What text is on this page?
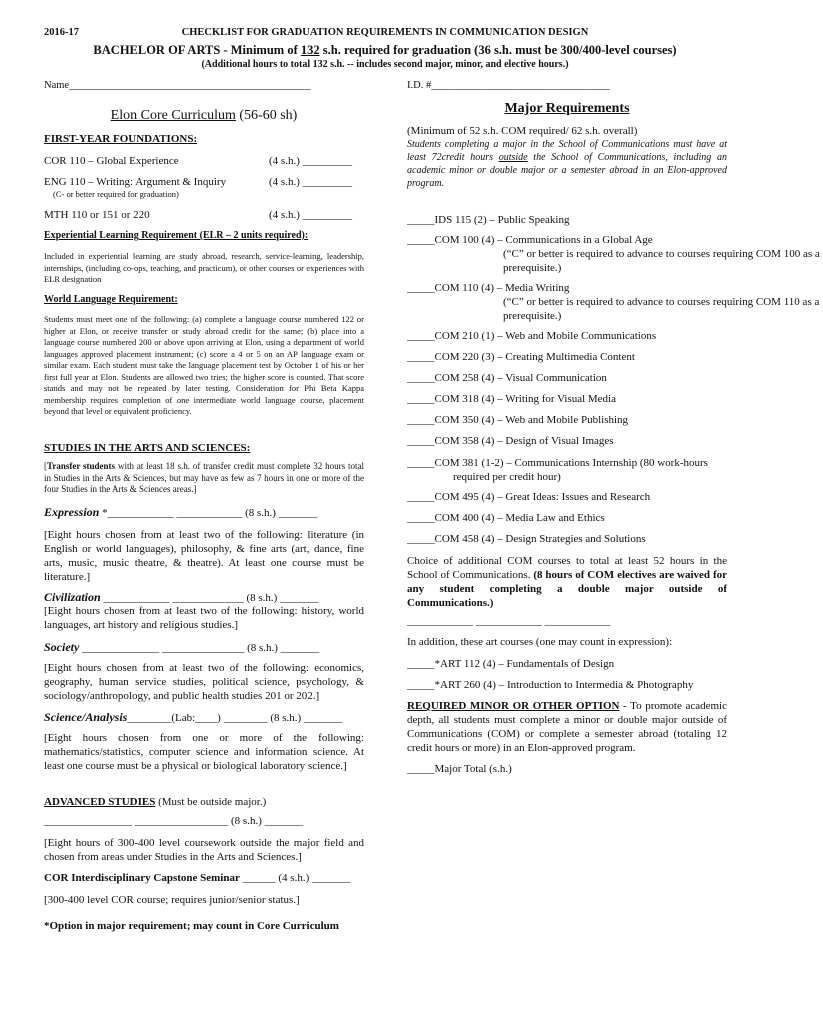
2016-17	CHECKLIST FOR GRADUATION REQUIREMENTS IN COMMUNICATION DESIGN
BACHELOR OF ARTS - Minimum of 132 s.h. required for graduation (36 s.h. must be 300/400-level courses)
(Additional hours to total 132 s.h. -- includes second major, minor, and elective hours.)
Name______________________________________________	I.D. #__________________________________
Elon Core Curriculum (56-60 sh)
FIRST-YEAR FOUNDATIONS:
COR 110 – Global Experience	(4 s.h.) _________
ENG 110 – Writing: Argument & Inquiry	(4 s.h.) _________
(C- or better required for graduation)
MTH 110 or 151 or 220	(4 s.h.) _________
Experiential Learning Requirement (ELR – 2 units required):
Included in experiential learning are study abroad, research, service-learning, leadership, internships, (including co-ops, teaching, and practicum), or other courses or experiences with ELR designation
World Language Requirement:
Students must meet one of the following: (a) complete a language course numbered 122 or higher at Elon, or receive transfer or study abroad credit for the same; (b) place into a language course numbered 200 or above upon arriving at Elon, using a department of world languages approved placement instrument; (c) score a 4 or 5 on an AP language exam or similar exam. Each student must take the language placement test by October 1 of his or her first full year at Elon. Students are allowed two tries; the higher score is counted. That score stands and may not be repeated by later testing. Consideration for Phi Beta Kappa membership requires completion of one intermediate world language course, placement beyond that level or equivalent proficiency.
STUDIES IN THE ARTS AND SCIENCES:
[Transfer students with at least 18 s.h. of transfer credit must complete 32 hours total in Studies in the Arts & Sciences, but may have as few as 7 hours in one or more of the four Studies in the Arts & Sciences areas.]
Expression *____________ ____________ (8 s.h.) _______
[Eight hours chosen from at least two of the following: literature (in English or world languages), philosophy, & fine arts (art, dance, fine arts, music, music theatre, & theatre). At least one course must be literature.]
Civilization ____________ _____________ (8 s.h.) _______
[Eight hours chosen from at least two of the following: history, world languages, art history and religious studies.]
Society ______________ _______________ (8 s.h.) _______
[Eight hours chosen from at least two of the following: economics, geography, human service studies, political science, psychology, & sociology/anthropology, and public health studies 201 or 202.]
Science/Analysis________(Lab:____) ________ (8 s.h.) _______
[Eight hours chosen from one or more of the following: mathematics/statistics, computer science and information science. At least one course must be a physical or biological laboratory science.]
ADVANCED STUDIES (Must be outside major.)
________________ _________________ (8 s.h.) _______
[Eight hours of 300-400 level coursework outside the major field and chosen from areas under Studies in the Arts and Sciences.]
COR Interdisciplinary Capstone Seminar ______ (4 s.h.) _______
[300-400 level COR course; requires junior/senior status.]
*Option in major requirement; may count in Core Curriculum
Major Requirements
(Minimum of 52 s.h. COM required/ 62 s.h. overall)
Students completing a major in the School of Communications must have at least 72credit hours outside the School of Communications, including an academic minor or double major or a semester abroad in an Elon-approved program.
_____IDS 115 (2) – Public Speaking
_____COM 100 (4) – Communications in a Global Age
(“C” or better is required to advance to courses requiring COM 100 as a prerequisite.)
_____COM 110 (4) – Media Writing
(“C” or better is required to advance to courses requiring COM 110 as a prerequisite.)
_____COM 210 (1) – Web and Mobile Communications
_____COM 220 (3) – Creating Multimedia Content
_____COM 258 (4) – Visual Communication
_____COM 318 (4) – Writing for Visual Media
_____COM 350 (4) – Web and Mobile Publishing
_____COM 358 (4) – Design of Visual Images
_____COM 381 (1-2) – Communications Internship (80 work-hours
required per credit hour)
_____COM 495 (4) – Great Ideas: Issues and Research
_____COM 400 (4) – Media Law and Ethics
_____COM 458 (4) – Design Strategies and Solutions
Choice of additional COM courses to total at least 52 hours in the School of Communications. (8 hours of COM electives are waived for any student completing a double major outside of Communications.)
____________ ____________ ____________
In addition, these art courses (one may count in expression):
_____*ART 112 (4) – Fundamentals of Design
_____*ART 260 (4) – Introduction to Intermedia & Photography
REQUIRED MINOR OR OTHER OPTION - To promote academic depth, all students must complete a minor or double major outside of Communications (COM) or complete a semester abroad (totaling 12 credit hours or more) in an Elon-approved program.
_____Major Total (s.h.)
